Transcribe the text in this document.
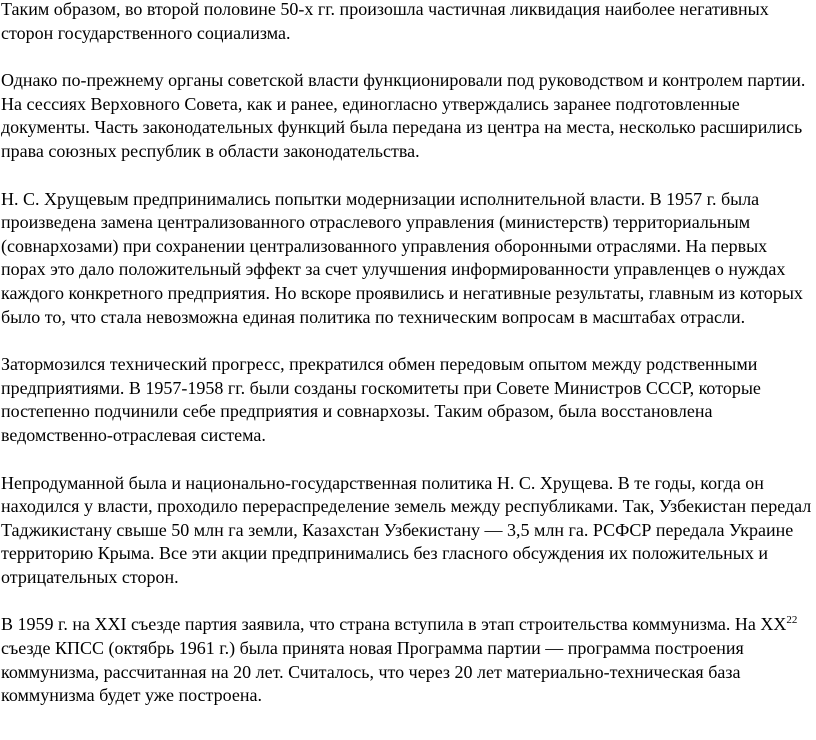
Таким образом, во второй половине 50-х гг. произошла частичная ликвидация наиболее негативных сторон государственного социализма.

Однако по-прежнему органы советской власти функционировали под руководством и контролем партии. На сессиях Верховного Совета, как и ранее, единогласно утверждались заранее подготовленные документы. Часть законодательных функций была передана из центра на места, несколько расширились права союзных республик в области законодательства.

Н. С. Хрущевым предпринимались попытки модернизации исполнительной власти. В 1957 г. была произведена замена централизованного отраслевого управления (министерств) территориальным (совнархозами) при сохранении централизованного управления оборонными отраслями. На первых порах это дало положительный эффект за счет улучшения информированности управленцев о нуждах каждого конкретного предприятия. Но вскоре проявились и негативные результаты, главным из которых было то, что стала невозможна единая политика по техническим вопросам в масштабах отрасли.

Затормозился технический прогресс, прекратился обмен передовым опытом между родственными предприятиями. В 1957-1958 гг. были созданы госкомитеты при Совете Министров СССР, которые постепенно подчинили себе предприятия и совнархозы. Таким образом, была восстановлена ведомственно-отраслевая система.

Непродуманной была и национально-государственная политика Н. С. Хрущева. В те годы, когда он находился у власти, проходило перераспределение земель между республиками. Так, Узбекистан передал Таджикистану свыше 50 млн га земли, Казахстан Узбекистану — 3,5 млн га. РСФСР передала Украине территорию Крыма. Все эти акции предпринимались без гласного обсуждения их положительных и отрицательных сторон.

В 1959 г. на XXI съезде партия заявила, что страна вступила в этап строительства коммунизма. На XX$^{22}$ съезде КПСС (октябрь 1961 г.) была принята новая Программа партии — программа построения коммунизма, рассчитанная на 20 лет. Считалось, что через 20 лет материально-техническая база коммунизма будет уже построена.
